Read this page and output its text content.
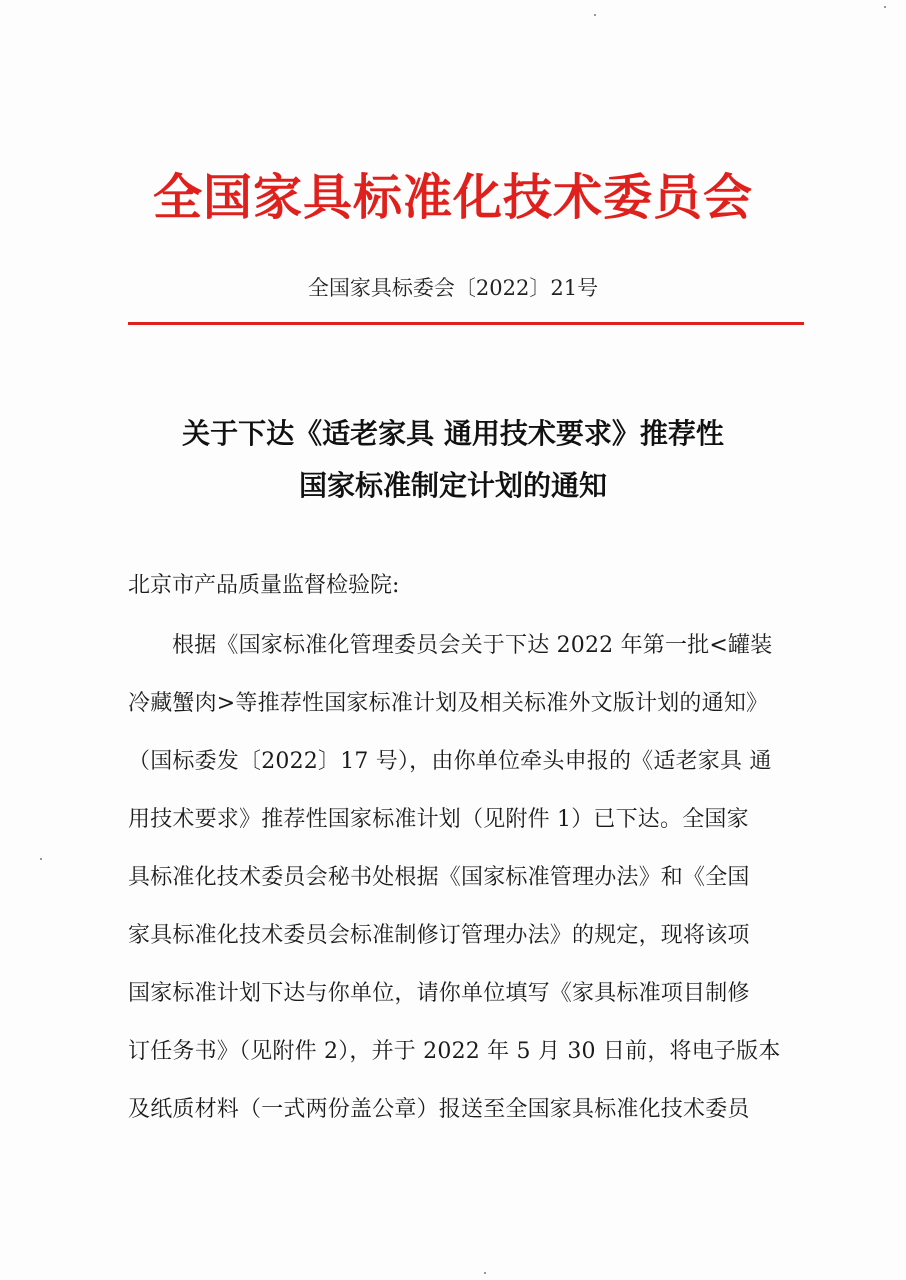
全国家具标准化技术委员会
全国家具标委会〔2022〕21号
关于下达《适老家具 通用技术要求》推荐性
国家标准制定计划的通知
北京市产品质量监督检验院:
根据《国家标准化管理委员会关于下达 2022 年第一批<罐装
冷藏蟹肉>等推荐性国家标准计划及相关标准外文版计划的通知》
（国标委发〔2022〕17 号），由你单位牵头申报的《适老家具 通
用技术要求》推荐性国家标准计划（见附件 1）已下达。全国家
具标准化技术委员会秘书处根据《国家标准管理办法》和《全国
家具标准化技术委员会标准制修订管理办法》的规定，现将该项
国家标准计划下达与你单位，请你单位填写《家具标准项目制修
订任务书》（见附件 2），并于 2022 年 5 月 30 日前，将电子版本
及纸质材料（一式两份盖公章）报送至全国家具标准化技术委员
